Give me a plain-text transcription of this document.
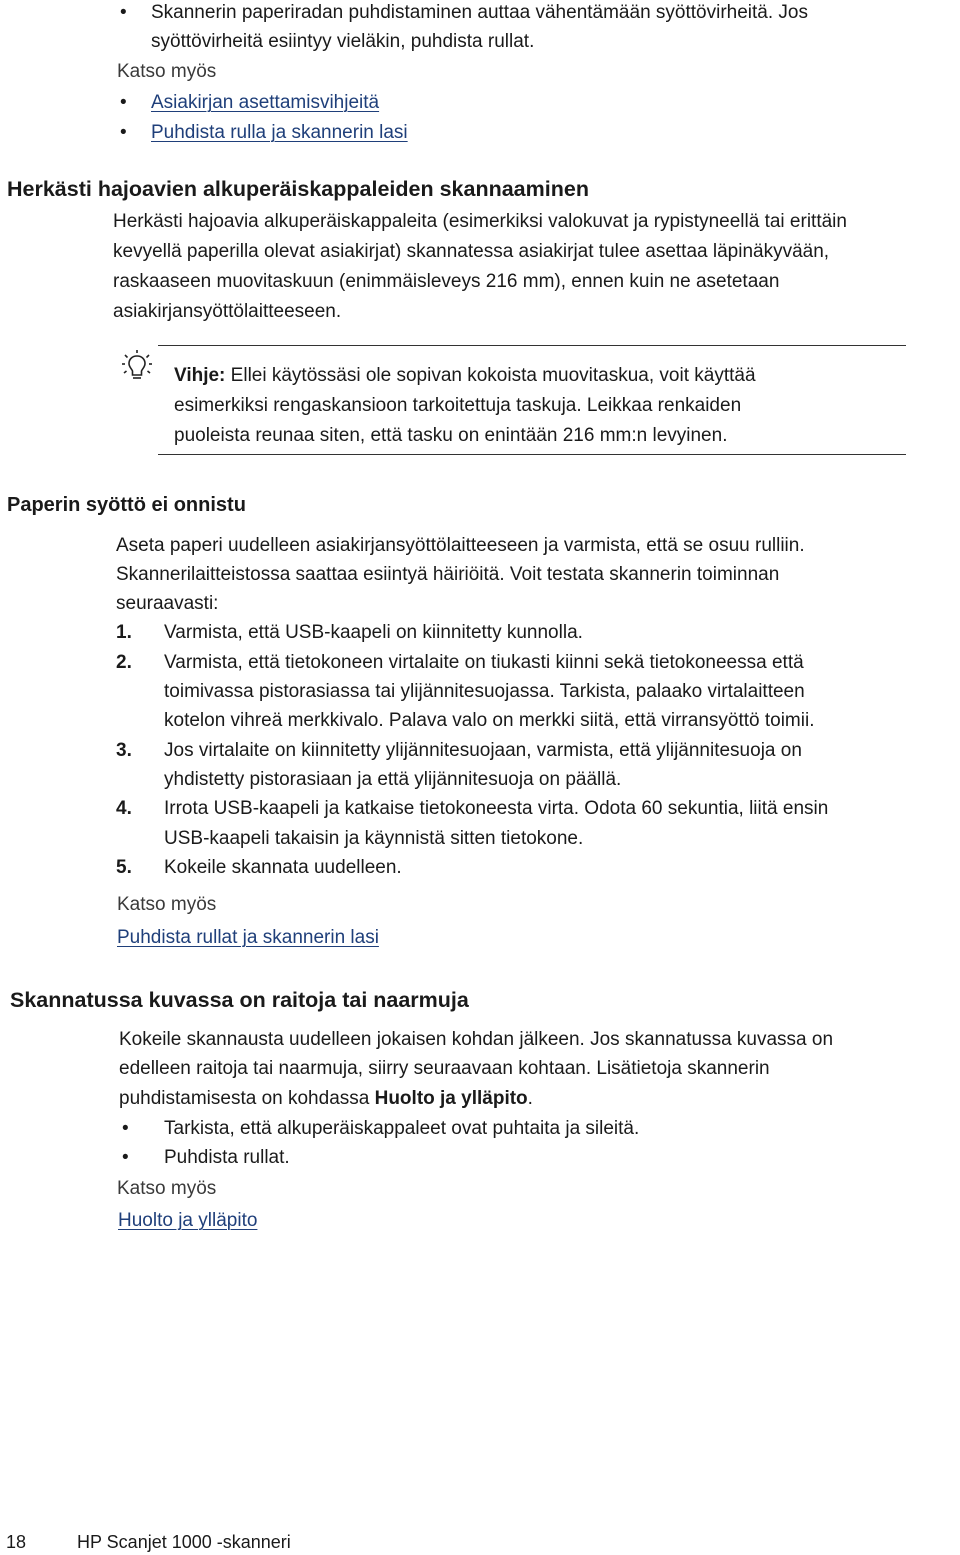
•
Skannerin paperiradan puhdistaminen auttaa vähentämään syöttövirheitä. Jos
syöttövirheitä esiintyy vieläkin, puhdista rullat.
Katso myös
•
Asiakirjan asettamisvihjeitä
•
Puhdista rulla ja skannerin lasi
Herkästi hajoavien alkuperäiskappaleiden skannaaminen
Herkästi hajoavia alkuperäiskappaleita (esimerkiksi valokuvat ja rypistyneellä tai erittäin
kevyellä paperilla olevat asiakirjat) skannatessa asiakirjat tulee asettaa läpinäkyvään,
raskaaseen muovitaskuun (enimmäisleveys 216 mm), ennen kuin ne asetetaan
asiakirjansyöttölaitteeseen.
Vihje: Ellei käytössäsi ole sopivan kokoista muovitaskua, voit käyttää
esimerkiksi rengaskansioon tarkoitettuja taskuja. Leikkaa renkaiden
puoleista reunaa siten, että tasku on enintään 216 mm:n levyinen.
Paperin syöttö ei onnistu
Aseta paperi uudelleen asiakirjansyöttölaitteeseen ja varmista, että se osuu rulliin.
Skannerilaitteistossa saattaa esiintyä häiriöitä. Voit testata skannerin toiminnan
seuraavasti:
1. Varmista, että USB-kaapeli on kiinnitetty kunnolla.
2. Varmista, että tietokoneen virtalaite on tiukasti kiinni sekä tietokoneessa että
toimivassa pistorasiassa tai ylijännitesuojassa. Tarkista, palaako virtalaitteen
kotelon vihreä merkkivalo. Palava valo on merkki siitä, että virransyöttö toimii.
3. Jos virtalaite on kiinnitetty ylijännitesuojaan, varmista, että ylijännitesuoja on
yhdistetty pistorasiaan ja että ylijännitesuoja on päällä.
4. Irrota USB-kaapeli ja katkaise tietokoneesta virta. Odota 60 sekuntia, liitä ensin
USB-kaapeli takaisin ja käynnistä sitten tietokone.
5. Kokeile skannata uudelleen.
Katso myös
Puhdista rullat ja skannerin lasi
Skannatussa kuvassa on raitoja tai naarmuja
Kokeile skannausta uudelleen jokaisen kohdan jälkeen. Jos skannatussa kuvassa on
edelleen raitoja tai naarmuja, siirry seuraavaan kohtaan. Lisätietoja skannerin
puhdistamisesta on kohdassa Huolto ja ylläpito.
•
Tarkista, että alkuperäiskappaleet ovat puhtaita ja sileitä.
•
Puhdista rullat.
Katso myös
Huolto ja ylläpito
18	HP Scanjet 1000 -skanneri
